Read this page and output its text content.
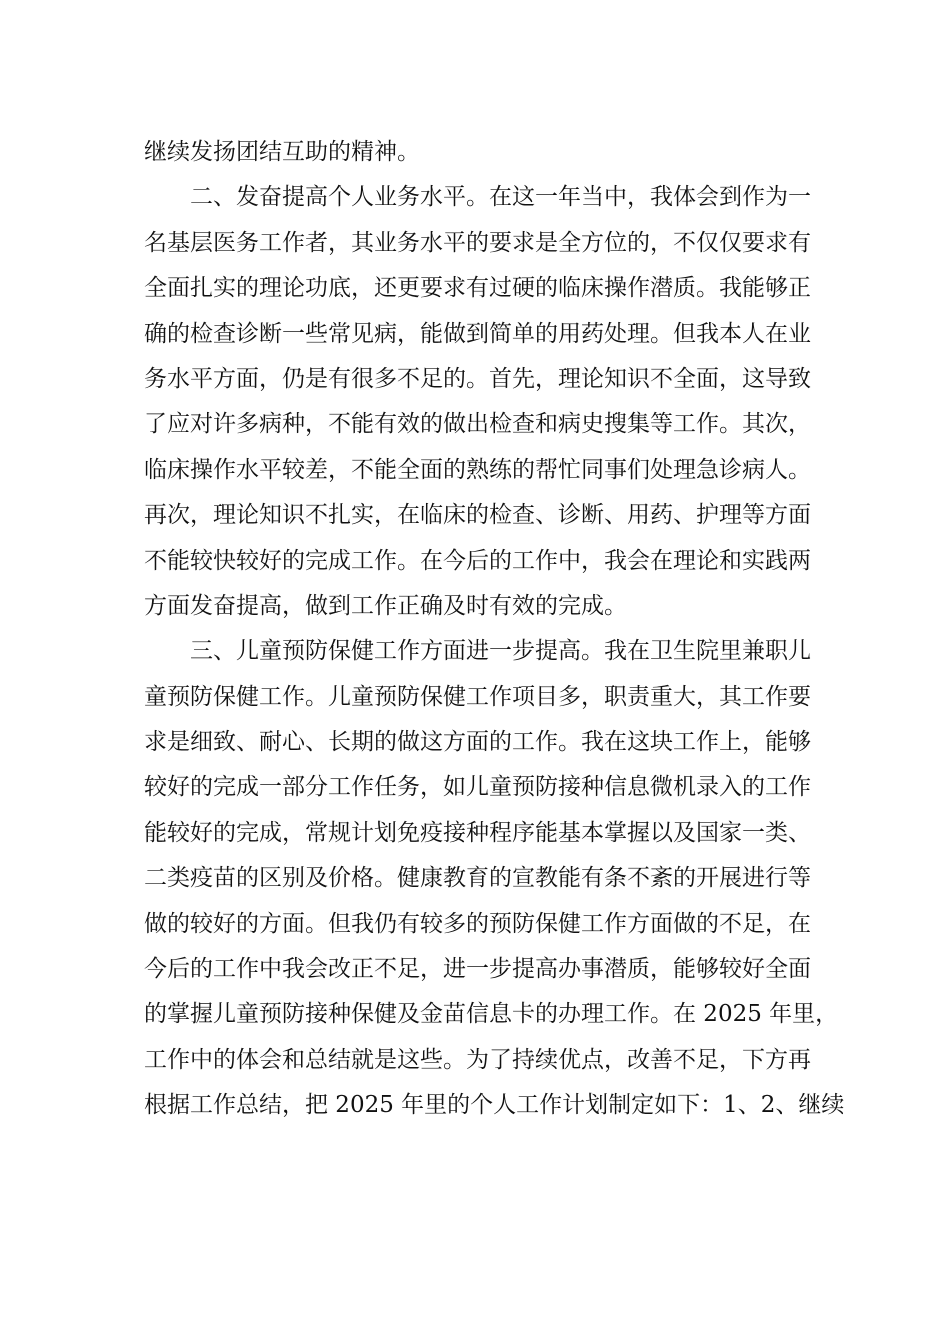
继续发扬团结互助的精神。
二、发奋提高个人业务水平。在这一年当中，我体会到作为一
名基层医务工作者，其业务水平的要求是全方位的，不仅仅要求有
全面扎实的理论功底，还更要求有过硬的临床操作潜质。我能够正
确的检查诊断一些常见病，能做到简单的用药处理。但我本人在业
务水平方面，仍是有很多不足的。首先，理论知识不全面，这导致
了应对许多病种，不能有效的做出检查和病史搜集等工作。其次，
临床操作水平较差，不能全面的熟练的帮忙同事们处理急诊病人。
再次，理论知识不扎实，在临床的检查、诊断、用药、护理等方面
不能较快较好的完成工作。在今后的工作中，我会在理论和实践两
方面发奋提高，做到工作正确及时有效的完成。
三、儿童预防保健工作方面进一步提高。我在卫生院里兼职儿
童预防保健工作。儿童预防保健工作项目多，职责重大，其工作要
求是细致、耐心、长期的做这方面的工作。我在这块工作上，能够
较好的完成一部分工作任务，如儿童预防接种信息微机录入的工作
能较好的完成，常规计划免疫接种程序能基本掌握以及国家一类、
二类疫苗的区别及价格。健康教育的宣教能有条不紊的开展进行等
做的较好的方面。但我仍有较多的预防保健工作方面做的不足，在
今后的工作中我会改正不足，进一步提高办事潜质，能够较好全面
的掌握儿童预防接种保健及金苗信息卡的办理工作。在 2025 年里，
工作中的体会和总结就是这些。为了持续优点，改善不足，下方再
根据工作总结，把 2025 年里的个人工作计划制定如下：1、2、继续
